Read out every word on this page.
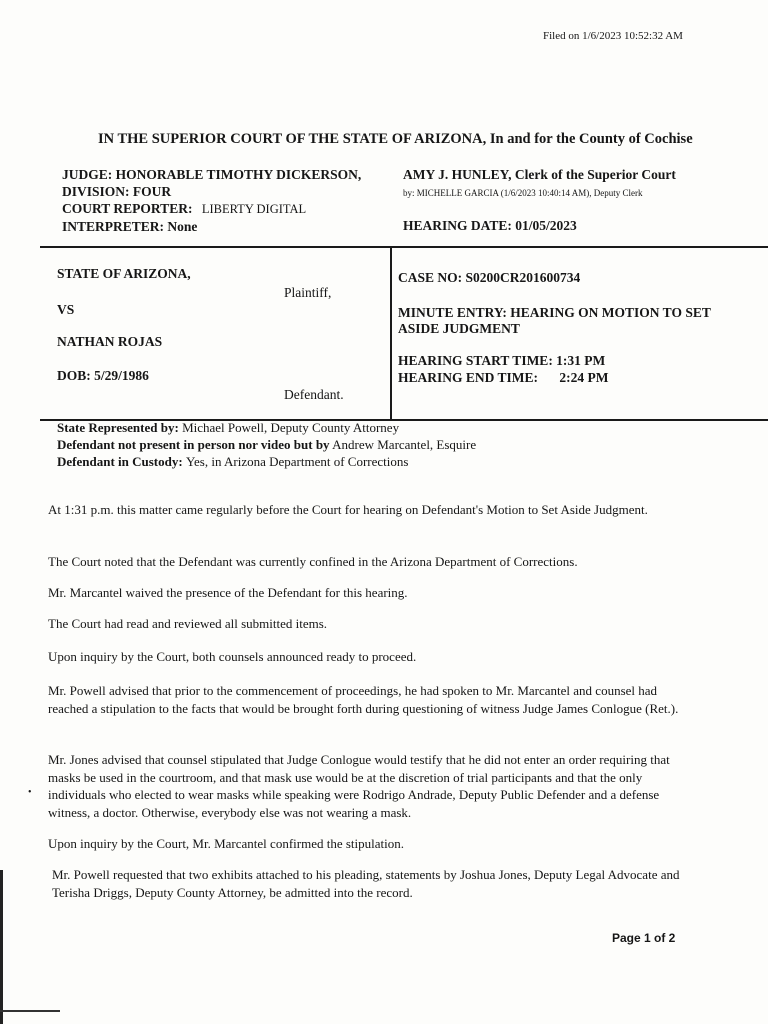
Filed on 1/6/2023 10:52:32 AM
IN THE SUPERIOR COURT OF THE STATE OF ARIZONA, In and for the County of Cochise
JUDGE: HONORABLE TIMOTHY DICKERSON,
DIVISION: FOUR
COURT REPORTER: LIBERTY DIGITAL
INTERPRETER: None
AMY J. HUNLEY, Clerk of the Superior Court
by: MICHELLE GARCIA (1/6/2023 10:40:14 AM), Deputy Clerk
HEARING DATE: 01/05/2023
STATE OF ARIZONA,
Plaintiff,
VS
NATHAN ROJAS
DOB: 5/29/1986
Defendant.
CASE NO: S0200CR201600734
MINUTE ENTRY: HEARING ON MOTION TO SET
ASIDE JUDGMENT
HEARING START TIME: 1:31 PM
HEARING END TIME: 2:24 PM
State Represented by: Michael Powell, Deputy County Attorney
Defendant not present in person nor video but by Andrew Marcantel, Esquire
Defendant in Custody: Yes, in Arizona Department of Corrections

At 1:31 p.m. this matter came regularly before the Court for hearing on Defendant's Motion to Set Aside Judgment.

The Court noted that the Defendant was currently confined in the Arizona Department of Corrections.

Mr. Marcantel waived the presence of the Defendant for this hearing.

The Court had read and reviewed all submitted items.

Upon inquiry by the Court, both counsels announced ready to proceed.

Mr. Powell advised that prior to the commencement of proceedings, he had spoken to Mr. Marcantel and counsel had reached a stipulation to the facts that would be brought forth during questioning of witness Judge James Conlogue (Ret.).

Mr. Jones advised that counsel stipulated that Judge Conlogue would testify that he did not enter an order requiring that masks be used in the courtroom, and that mask use would be at the discretion of trial participants and that the only individuals who elected to wear masks while speaking were Rodrigo Andrade, Deputy Public Defender and a defense witness, a doctor. Otherwise, everybody else was not wearing a mask.

Upon inquiry by the Court, Mr. Marcantel confirmed the stipulation.

Mr. Powell requested that two exhibits attached to his pleading, statements by Joshua Jones, Deputy Legal Advocate and Terisha Driggs, Deputy County Attorney, be admitted into the record.

•
Page 1 of 2
